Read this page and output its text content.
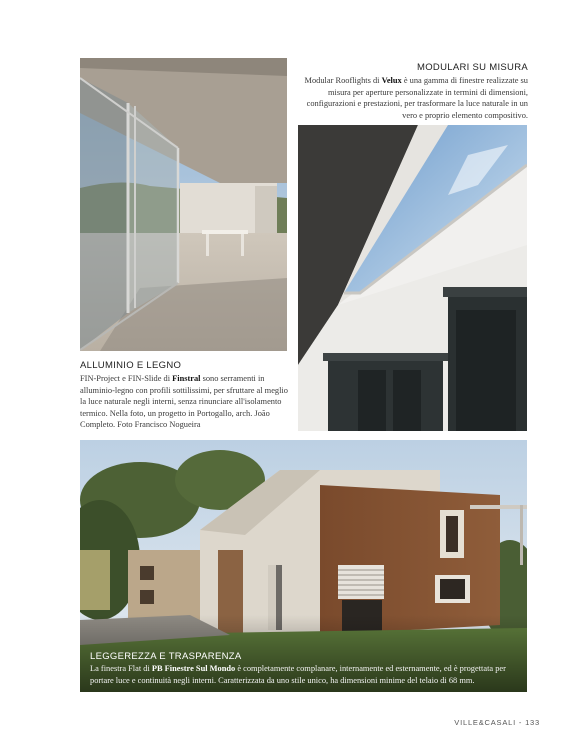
MODULARI SU MISURA
Modular Rooflights di Velux è una gamma di finestre realizzate su misura per aperture personalizzate in termini di dimensioni, configurazioni e prestazioni, per trasformare la luce naturale in un vero e proprio elemento compositivo.
ALLUMINIO E LEGNO
FIN-Project e FIN-Slide di Finstral sono serramenti in alluminio-legno con profili sottilissimi, per sfruttare al meglio la luce naturale negli interni, senza rinunciare all'isolamento termico. Nella foto, un progetto in Portogallo, arch. João Completo. Foto Francisco Nogueira
LEGGEREZZA E TRASPARENZA
La finestra Flat di PB Finestre Sul Mondo è completamente complanare, internamente ed esternamente, ed è progettata per portare luce e continuità negli interni. Caratterizzata da uno stile unico, ha dimensioni minime del telaio di 68 mm.
VILLE&CASALI - 133
